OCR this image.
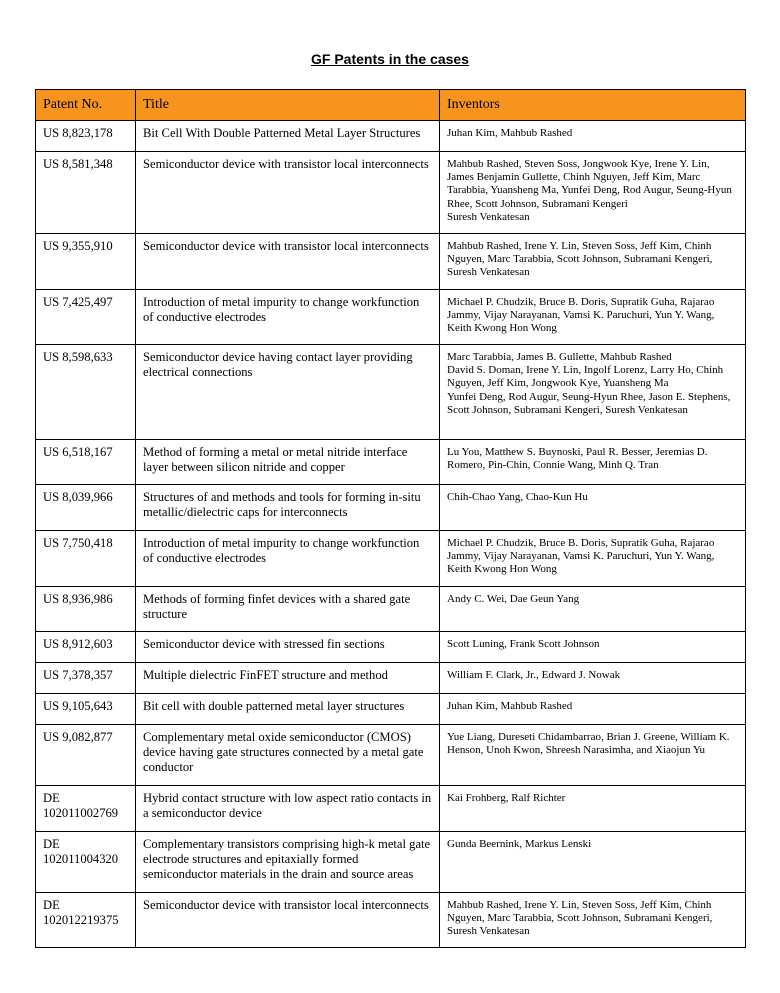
GF Patents in the cases
Patent No.	Title	Inventors
US 8,823,178	Bit Cell With Double Patterned Metal Layer Structures	Juhan Kim, Mahbub Rashed
US 8,581,348	Semiconductor device with transistor local interconnects	Mahbub Rashed, Steven Soss, Jongwook Kye, Irene Y. Lin, James Benjamin Gullette, Chinh Nguyen, Jeff Kim, Marc Tarabbia, Yuansheng Ma, Yunfei Deng, Rod Augur, Seung-Hyun Rhee, Scott Johnson, Subramani Kengeri
Suresh Venkatesan
US 9,355,910	Semiconductor device with transistor local interconnects	Mahbub Rashed, Irene Y. Lin, Steven Soss, Jeff Kim, Chinh Nguyen, Marc Tarabbia, Scott Johnson, Subramani Kengeri, Suresh Venkatesan
US 7,425,497	Introduction of metal impurity to change workfunction of conductive electrodes	Michael P. Chudzik, Bruce B. Doris, Supratik Guha, Rajarao Jammy, Vijay Narayanan, Vamsi K. Paruchuri, Yun Y. Wang, Keith Kwong Hon Wong
US 8,598,633	Semiconductor device having contact layer providing electrical connections	Marc Tarabbia, James B. Gullette, Mahbub Rashed
David S. Doman, Irene Y. Lin, Ingolf Lorenz, Larry Ho, Chinh Nguyen, Jeff Kim, Jongwook Kye, Yuansheng Ma
Yunfei Deng, Rod Augur, Seung-Hyun Rhee, Jason E. Stephens, Scott Johnson, Subramani Kengeri, Suresh Venkatesan
US 6,518,167	Method of forming a metal or metal nitride interface layer between silicon nitride and copper	Lu You, Matthew S. Buynoski, Paul R. Besser, Jeremias D. Romero, Pin-Chin, Connie Wang, Minh Q. Tran
US 8,039,966	Structures of and methods and tools for forming in-situ metallic/dielectric caps for interconnects	Chih-Chao Yang, Chao-Kun Hu
US 7,750,418	Introduction of metal impurity to change workfunction of conductive electrodes	Michael P. Chudzik, Bruce B. Doris, Supratik Guha, Rajarao Jammy, Vijay Narayanan, Vamsi K. Paruchuri, Yun Y. Wang, Keith Kwong Hon Wong
US 8,936,986	Methods of forming finfet devices with a shared gate structure	Andy C. Wei, Dae Geun Yang
US 8,912,603	Semiconductor device with stressed fin sections	Scott Luning, Frank Scott Johnson
US 7,378,357	Multiple dielectric FinFET structure and method	William F. Clark, Jr., Edward J. Nowak
US 9,105,643	Bit cell with double patterned metal layer structures	Juhan Kim, Mahbub Rashed
US 9,082,877	Complementary metal oxide semiconductor (CMOS) device having gate structures connected by a metal gate conductor	Yue Liang, Dureseti Chidambarrao, Brian J. Greene, William K. Henson, Unoh Kwon, Shreesh Narasimha, and Xiaojun Yu
DE 102011002769	Hybrid contact structure with low aspect ratio contacts in a semiconductor device	Kai Frohberg, Ralf Richter
DE 102011004320	Complementary transistors comprising high-k metal gate electrode structures and epitaxially formed semiconductor materials in the drain and source areas	Gunda Beernink, Markus Lenski
DE 102012219375	Semiconductor device with transistor local interconnects	Mahbub Rashed, Irene Y. Lin, Steven Soss, Jeff Kim, Chinh Nguyen, Marc Tarabbia, Scott Johnson, Subramani Kengeri, Suresh Venkatesan
